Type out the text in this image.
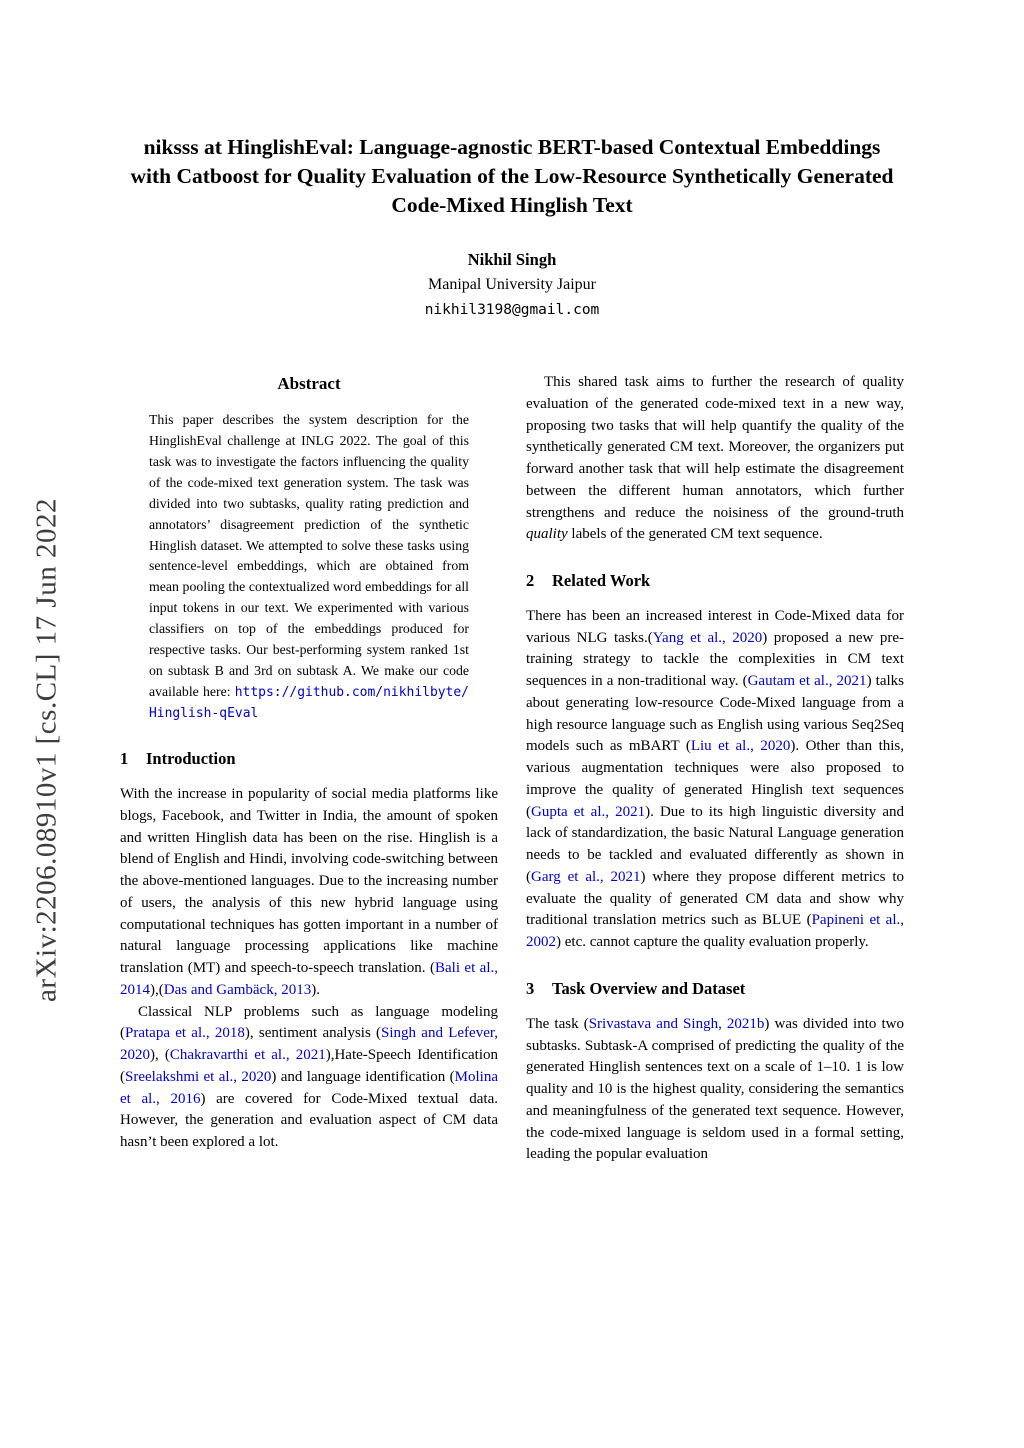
arXiv:2206.08910v1 [cs.CL] 17 Jun 2022
niksss at HinglishEval: Language-agnostic BERT-based Contextual Embeddings with Catboost for Quality Evaluation of the Low-Resource Synthetically Generated Code-Mixed Hinglish Text
Nikhil Singh
Manipal University Jaipur
nikhil3198@gmail.com
Abstract
This paper describes the system description for the HinglishEval challenge at INLG 2022. The goal of this task was to investigate the factors influencing the quality of the code-mixed text generation system. The task was divided into two subtasks, quality rating prediction and annotators’ disagreement prediction of the synthetic Hinglish dataset. We attempted to solve these tasks using sentence-level embeddings, which are obtained from mean pooling the contextualized word embeddings for all input tokens in our text. We experimented with various classifiers on top of the embeddings produced for respective tasks. Our best-performing system ranked 1st on subtask B and 3rd on subtask A. We make our code available here: https://github.com/nikhilbyte/Hinglish-qEval
1 Introduction

With the increase in popularity of social media platforms like blogs, Facebook, and Twitter in India, the amount of spoken and written Hinglish data has been on the rise. Hinglish is a blend of English and Hindi, involving code-switching between the above-mentioned languages. Due to the increasing number of users, the analysis of this new hybrid language using computational techniques has gotten important in a number of natural language processing applications like machine translation (MT) and speech-to-speech translation. (Bali et al., 2014),(Das and Gambäck, 2013).

Classical NLP problems such as language modeling (Pratapa et al., 2018), sentiment analysis (Singh and Lefever, 2020), (Chakravarthi et al., 2021),Hate-Speech Identification (Sreelakshmi et al., 2020) and language identification (Molina et al., 2016) are covered for Code-Mixed textual data. However, the generation and evaluation aspect of CM data hasn’t been explored a lot.

This shared task aims to further the research of quality evaluation of the generated code-mixed text in a new way, proposing two tasks that will help quantify the quality of the synthetically generated CM text. Moreover, the organizers put forward another task that will help estimate the disagreement between the different human annotators, which further strengthens and reduce the noisiness of the ground-truth quality labels of the generated CM text sequence.

2 Related Work

There has been an increased interest in Code-Mixed data for various NLG tasks.(Yang et al., 2020) proposed a new pre-training strategy to tackle the complexities in CM text sequences in a non-traditional way. (Gautam et al., 2021) talks about generating low-resource Code-Mixed language from a high resource language such as English using various Seq2Seq models such as mBART (Liu et al., 2020). Other than this, various augmentation techniques were also proposed to improve the quality of generated Hinglish text sequences (Gupta et al., 2021). Due to its high linguistic diversity and lack of standardization, the basic Natural Language generation needs to be tackled and evaluated differently as shown in (Garg et al., 2021) where they propose different metrics to evaluate the quality of generated CM data and show why traditional translation metrics such as BLUE (Papineni et al., 2002) etc. cannot capture the quality evaluation properly.

3 Task Overview and Dataset

The task (Srivastava and Singh, 2021b) was divided into two subtasks. Subtask-A comprised of predicting the quality of the generated Hinglish sentences text on a scale of 1–10. 1 is low quality and 10 is the highest quality, considering the semantics and meaningfulness of the generated text sequence. However, the code-mixed language is seldom used in a formal setting, leading the popular evaluation
